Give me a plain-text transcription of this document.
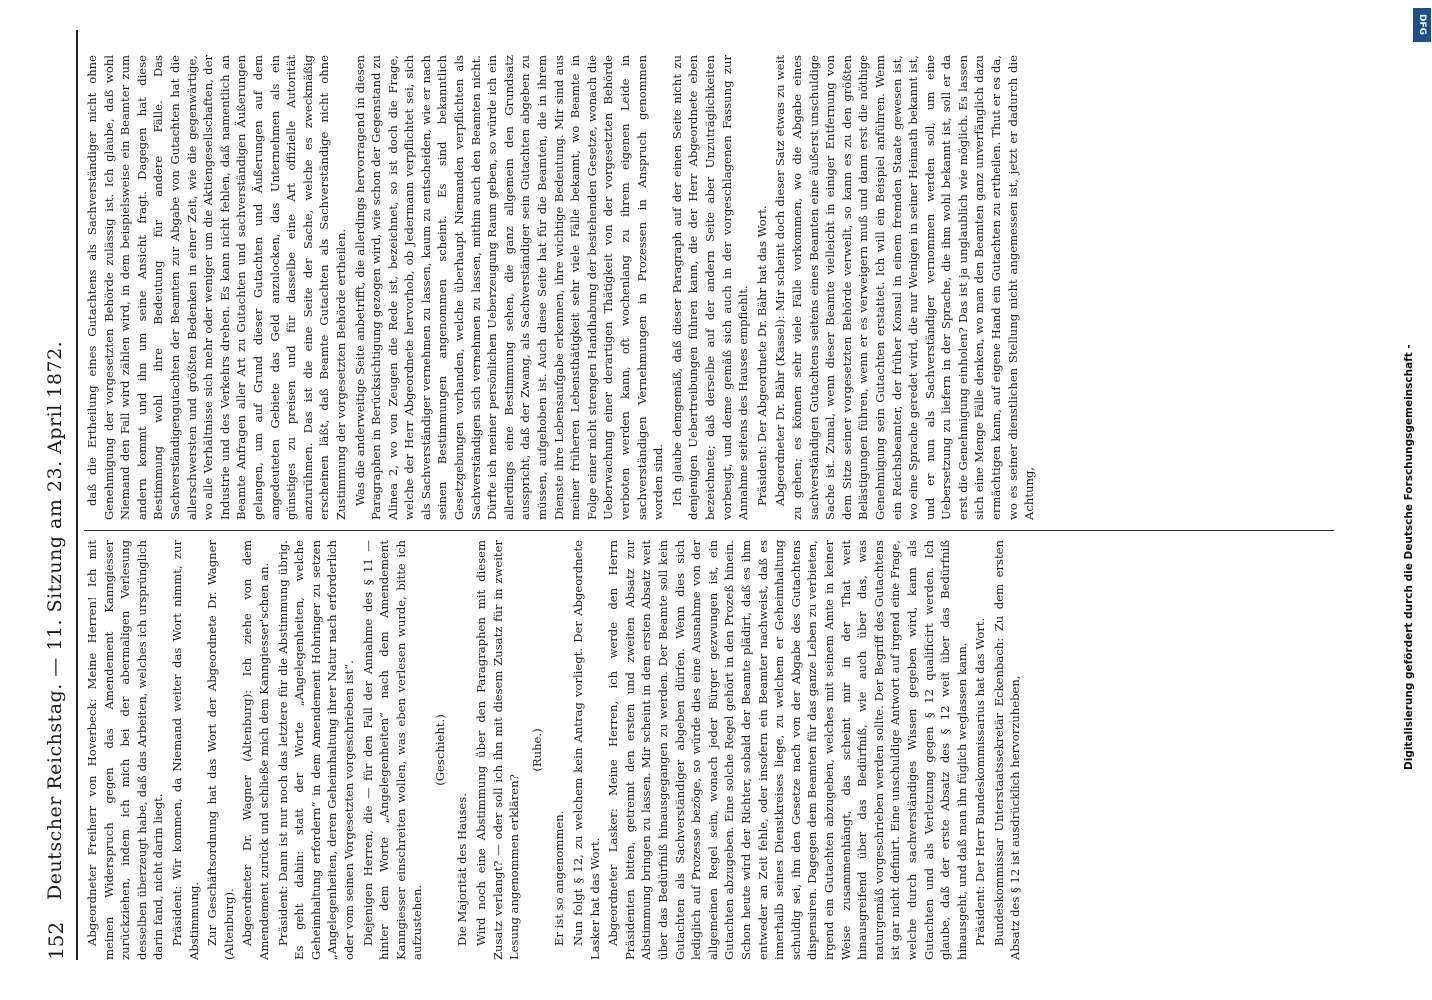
152
Deutscher Reichstag. — 11. Sitzung am 23. April 1872. Abgeordneter Freiherr von Hoverbeck: Meine Herren! Ich mit meinen Widerspruch gegen das Amendement Kanngiesser zurückziehen, indem ich mich bei der abermaligen Verlesung desselben überzeugt habe, daß das Arbeiten, welches ich ursprünglich darin fand, nicht darin liegt. Präsident: Wir kommen, da Niemand weiter das Wort nimmt, zur Abstimmung. Zur Geschäftsordnung hat das Wort der Abgeordnete Dr. Wagner (Altenburg). Abgeordneter Dr. Wagner (Altenburg): Ich ziehe von dem Amendement zurück und schließe mich dem Kanngiesser'schen an. Präsident: Dann ist nur noch das letztere für die Abstimmung übrig. Es geht dahin: statt der Worte „Angelegenheiten, welche Geheimhaltung erfordern“ in dem Amendement Hohringer zu setzen „Angelegenheiten, deren Geheimhaltung ihrer Natur nach erforderlich oder vom seinen Vorgesetzten vorgeschrieben ist“. Diejenigen Herren, die — für den Fall der Annahme des § 11 — hinter dem Worte „Angelegenheiten“ nach dem Amendement Kanngiesser einschreiten wollen, was eben verlesen wurde, bitte ich aufzustehen.

(Geschieht.)

Die Majorität des Hauses. Wird noch eine Abstimmung über den Paragraphen mit diesem Zusatz verlangt? — oder soll ich ihn mit diesem Zusatz für in zweiter Lesung angenommen erklären?

(Ruhe.)

Er ist so angenommen. Nun folgt § 12, zu welchem kein Antrag vorliegt. Der Abgeordnete Lasker hat das Wort. Abgeordneter Lasker: Meine Herren, ich werde den Herrn Präsidenten bitten, getrennt den ersten und zweiten Absatz zur Abstimmung bringen zu lassen. Mir scheint in dem ersten Absatz weit über das Bedürfniß hinausgegangen zu werden. Der Beamte soll kein Gutachten als Sachverständiger abgeben dürfen. Wenn dies sich lediglich auf Prozesse bezöge, so würde dies eine Ausnahme von der allgemeinen Regel sein, wonach jeder Bürger gezwungen ist, ein Gutachten abzugeben. Eine solche Regel gehört in den Prozeß hinein. Schon heute wird der Richter, sobald der Beamte plädirt, daß es ihm entweder an Zeit fehle, oder insofern ein Beamter nachweist, daß es innerhalb seines Dienstkreises liege, zu welchem er Geheimhaltung schuldig sei, ihn den Gesetze nach von der Abgabe des Gutachtens dispensiren. Dagegen dem Beamten für das ganze Leben zu verbieten, irgend ein Gutachten abzugeben, welches mit seinem Amte in keiner Weise zusammenhängt, das scheint mir in der That weit hinausgreifend über das Bedürfniß, wie auch über das, was naturgemäß vorgeschrieben werden sollte. Der Begriff des Gutachtens ist gar nicht definirt. Eine unschuldige Antwort auf irgend eine Frage, welche durch sachverständiges Wissen gegeben wird, kann als Gutachten und als Verletzung gegen § 12 qualificirt werden. Ich glaube, daß der erste Absatz des § 12 weit über das Bedürfniß hinausgeht, und daß man ihn füglich weglassen kann. Präsident: Der Herr Bundeskommissarius hat das Wort. Bundeskommissar Unterstaatssekretär Eckenbach: Zu dem ersten Absatz des § 12 ist ausdrücklich hervorzuheben,

daß die Ertheilung eines Gutachtens als Sachverständiger nicht ohne Genehmigung der vorgesetzten Behörde zulässig ist. Ich glaube, daß wohl Niemand den Fall wird zählen wird, in dem beispielsweise ein Beamter zum andern kommt und ihn um seine Ansicht fragt. Dagegen hat diese Bestimmung wohl ihre Bedeutung für andere Fälle. Das Sachverständigengutachten der Beamten zur Abgabe von Gutachten hat die allerschwersten und größten Bedenken in einer Zeit, wie die gegenwärtige, wo alle Verhältnisse sich mehr oder weniger um die Aktiengesellschaften, der Industrie und des Verkehrs drehen. Es kann nicht fehlen, daß namentlich an Beamte Anfragen aller Art zu Gutachten und sachverständigen Äußerungen gelangen, um auf Grund dieser Gutachten und Äußerungen auf dem angedeuteten Gebiete das Geld anzulocken, das Unternehmen als ein günstiges zu preisen und für dasselbe eine Art offizielle Autorität anzurühmen. Das ist die eine Seite der Sache, welche es zweckmäßig erscheinen läßt, daß Beamte Gutachten als Sachverständige nicht ohne Zustimmung der vorgesetzten Behörde ertheilen. Was die anderweitige Seite anbetrifft, die allerdings hervorragend in diesen Paragraphen in Berücksichtigung gezogen wird, wie schon der Gegenstand zu Alinea 2, wo von Zeugen die Rede ist, bezeichnet, so ist doch die Frage, welche der Herr Abgeordnete hervorhob, ob Jedermann verpflichtet sei, sich als Sachverständiger vernehmen zu lassen, kaum zu entscheiden, wie er nach seinen Bestimmungen angenommen scheint. Es sind bekanntlich Gesetzgebungen vorhanden, welche überhaupt Niemanden verpflichten als Sachverständigen sich vernehmen zu lassen, mithin auch den Beamten nicht. Dürfte ich meiner persönlichen Ueberzeugung Raum geben, so würde ich ein allerdings eine Bestimmung sehen, die ganz allgemein den Grundsatz ausspricht, daß der Zwang, als Sachverständiger sein Gutachten abgeben zu müssen, aufgehoben ist. Auch diese Seite hat für die Beamten, die in ihrem Dienste ihre Lebensaufgabe erkennen, ihre wichtige Bedeutung. Mir sind aus meiner früheren Lebensthätigkeit sehr viele Fälle bekannt, wo Beamte in Folge einer nicht strengen Handhabung der bestehenden Gesetze, wonach die Ueberwachung einer derartigen Thätigkeit von der vorgesetzten Behörde verboten werden kann, oft wochenlang zu ihrem eigenen Leide in sachverständigen Vernehmungen in Prozessen in Anspruch genommen worden sind. Ich glaube demgemäß, daß dieser Paragraph auf der einen Seite nicht zu denjenigen Uebertreibungen führen kann, die der Herr Abgeordnete eben bezeichnete; daß derselbe auf der andern Seite aber Unzuträglichkeiten vorbeugt, und deme gemäß sich auch in der vorgeschlagenen Fassung zur Annahme seitens des Hauses empfiehlt. Präsident: Der Abgeordnete Dr. Bähr hat das Wort. Abgeordneter Dr. Bähr (Kassel): Mir scheint doch dieser Satz etwas zu weit zu gehen; es können sehr viele Fälle vorkommen, wo die Abgabe eines sachverständigen Gutachtens seitens eines Beamten eine äußerst unschuldige Sache ist. Zumal, wenn dieser Beamte vielleicht in einiger Entfernung von dem Sitze seiner vorgesetzten Behörde verweilt, so kann es zu den größten Belästigungen führen, wenn er es verweigern muß und dann erst die nöthige Genehmigung sein Gutachten erstattet. Ich will ein Beispiel anführen. Wenn ein Reichsbeamter, der früher Konsul in einem fremden Staate gewesen ist, wo eine Sprache geredet wird, die nur Wenigen in seiner Heimath bekannt ist, und er nun als Sachverständiger vernommen werden soll, um eine Uebersetzung zu liefern in der Sprache, die ihm wohl bekannt ist, soll er da erst die Genehmigung einholen? Das ist ja unglaublich wie möglich. Es lassen sich eine Menge Fälle denken, wo man den Beamten ganz unverfänglich dazu ermächtigen kann, auf eigene Hand ein Gutachten zu ertheilen. Thut er es da, wo es seiner dienstlichen Stellung nicht angemessen ist, jetzt er dadurch die Achtung,	Digitalisierung gefördert durch die Deutsche Forschungsgemeinschaft -
DFG
